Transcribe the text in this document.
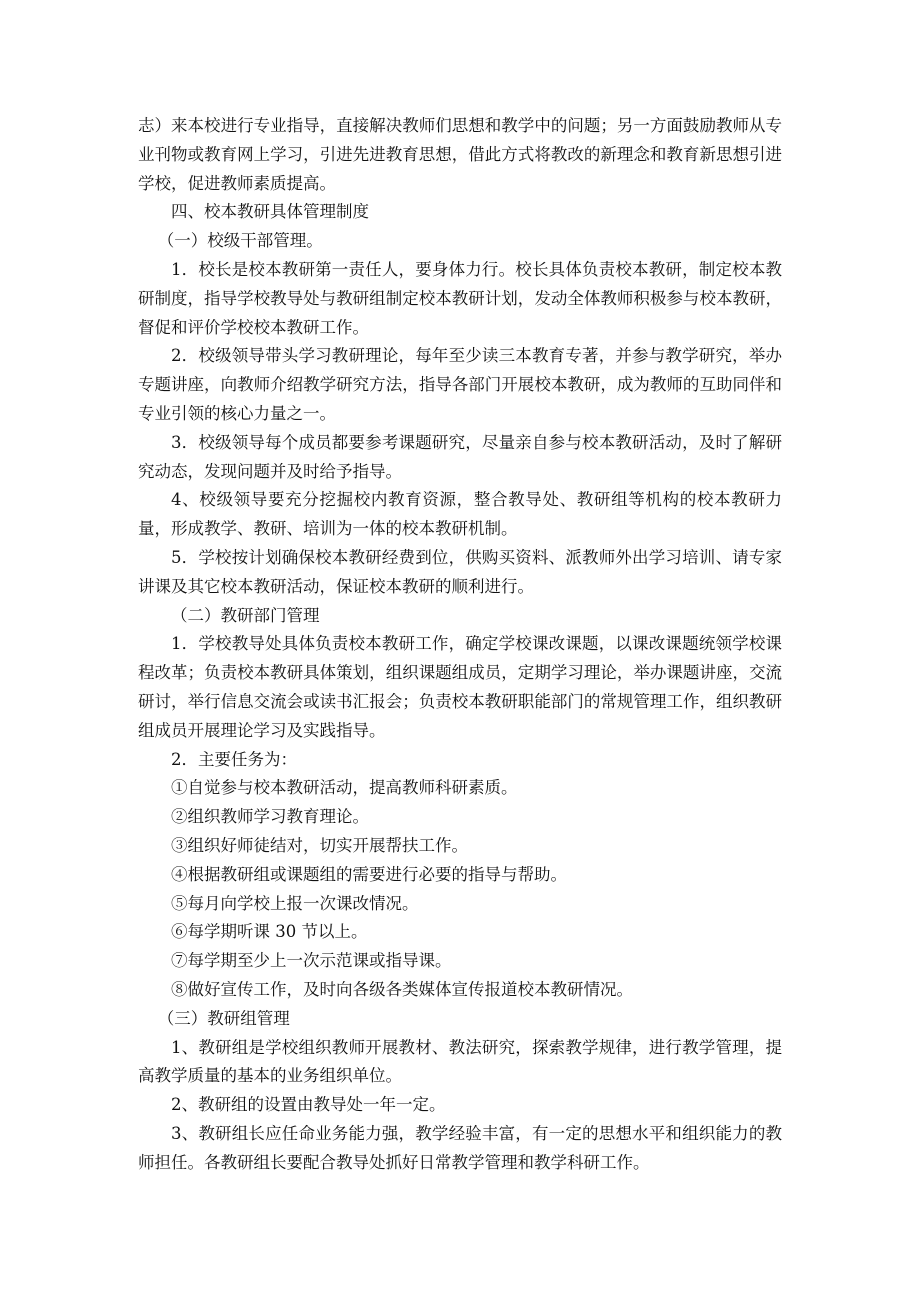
志）来本校进行专业指导，直接解决教师们思想和教学中的问题；另一方面鼓励教师从专业刊物或教育网上学习，引进先进教育思想，借此方式将教改的新理念和教育新思想引进学校，促进教师素质提高。

四、校本教研具体管理制度

（一）校级干部管理。

1．校长是校本教研第一责任人，要身体力行。校长具体负责校本教研，制定校本教研制度，指导学校教导处与教研组制定校本教研计划，发动全体教师积极参与校本教研，督促和评价学校校本教研工作。

2．校级领导带头学习教研理论，每年至少读三本教育专著，并参与教学研究，举办专题讲座，向教师介绍教学研究方法，指导各部门开展校本教研，成为教师的互助同伴和专业引领的核心力量之一。

3．校级领导每个成员都要参考课题研究，尽量亲自参与校本教研活动，及时了解研究动态，发现问题并及时给予指导。

4、校级领导要充分挖掘校内教育资源，整合教导处、教研组等机构的校本教研力量，形成教学、教研、培训为一体的校本教研机制。

5．学校按计划确保校本教研经费到位，供购买资料、派教师外出学习培训、请专家讲课及其它校本教研活动，保证校本教研的顺利进行。

（二）教研部门管理

1．学校教导处具体负责校本教研工作，确定学校课改课题，以课改课题统领学校课程改革；负责校本教研具体策划，组织课题组成员，定期学习理论，举办课题讲座，交流研讨，举行信息交流会或读书汇报会；负责校本教研职能部门的常规管理工作，组织教研组成员开展理论学习及实践指导。

2．主要任务为：

①自觉参与校本教研活动，提高教师科研素质。

②组织教师学习教育理论。

③组织好师徒结对，切实开展帮扶工作。

④根据教研组或课题组的需要进行必要的指导与帮助。

⑤每月向学校上报一次课改情况。

⑥每学期听课 30 节以上。

⑦每学期至少上一次示范课或指导课。

⑧做好宣传工作，及时向各级各类媒体宣传报道校本教研情况。

（三）教研组管理

1、教研组是学校组织教师开展教材、教法研究，探索教学规律，进行教学管理，提高教学质量的基本的业务组织单位。

2、教研组的设置由教导处一年一定。

3、教研组长应任命业务能力强，教学经验丰富，有一定的思想水平和组织能力的教师担任。各教研组长要配合教导处抓好日常教学管理和教学科研工作。
